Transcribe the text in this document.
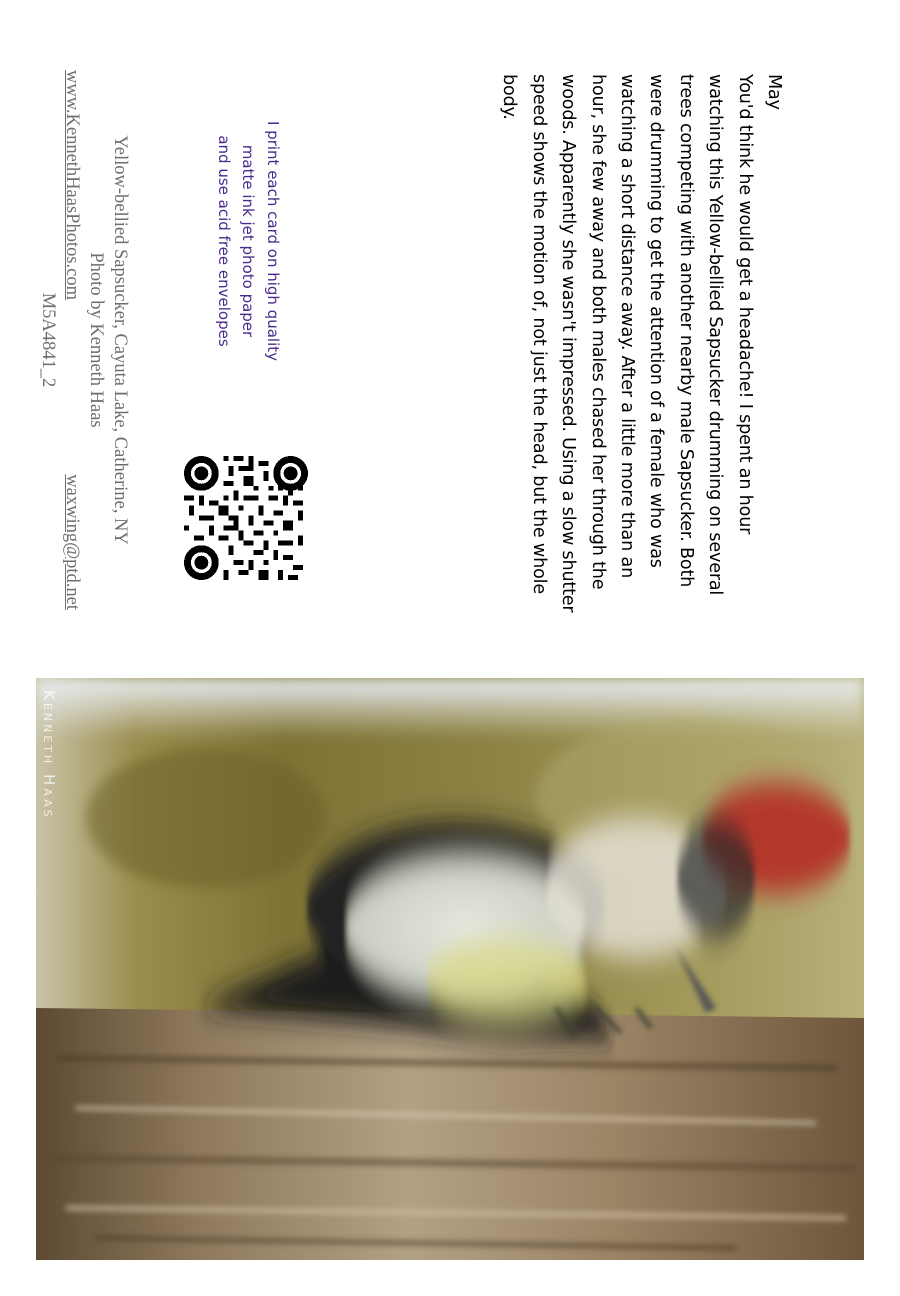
May

You'd think he would get a headache! I spent an hour watching this Yellow-bellied Sapsucker drumming on several trees competing with another nearby male Sapsucker. Both were drumming to get the attention of a female who was watching a short distance away. After a little more than an hour, she few away and both males chased her through the woods. Apparently she wasn't impressed. Using a slow shutter speed shows the motion of, not just the head, but the whole body.

I print each card on high quality
matte ink jet photo paper
and use acid free envelopes
Yellow-bellied Sapsucker, Cayuta Lake, Catherine, NY
Photo by Kenneth Haas
www.KennethHaasPhotos.com
waxwing@ptd.net
M5A4841_2
Kenneth Haas
